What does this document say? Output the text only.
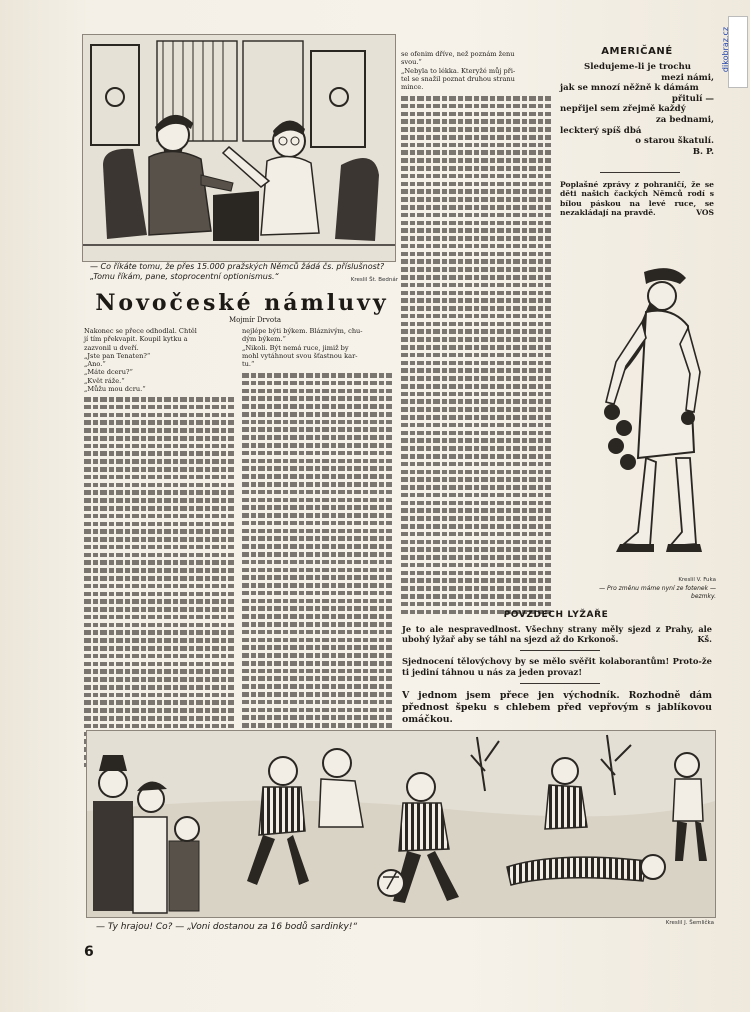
dikobraz.cz
— Co říkáte tomu, že přes 15.000 pražských Němců žádá čs. příslušnost?
„Tomu říkám, pane, stoprocentní optionismus.“	Kreslil Št. Bednár
Novočeské námluvy
Mojmír Drvota
Nakonec se přece odhodlal. Chtěl
jí tím překvapit. Koupil kytku a
zazvonil u dveří.
„Jste pan Tenaten?“
„Ano.“
„Máte dceru?“
„Květ ráže.“
„Můžu mou dcru.“
nejlépe býti býkem. Bláznivým, chu-
dým býkem.“
„Nikoli. Být nemá ruce, jimiž by
mohl vytáhnout svou šťastnou kar-
tu.“
se ofenim dříve, než poznám ženu
svou.“
„Nebyla to lékka. Kteryžé můj při-
tel se snažil poznat druhou stranu
mince.
AMERIČANÉ
Sledujeme-li je trochu
mezi námi,
jak se mnozí něžně k dámám
přitulí —
nepřijel sem zřejmě každý
za bednami,
leckterý spíš dbá
o starou škatulí.
B. P.
Poplašné zprávy z pohraničí, že se děti našich čackých Němců rodí s bílou páskou na levé ruce, se nezakládají na pravdě.	VOS
Kreslil V. Fuka
— Pro změnu máme nyní ze fotenek — bezmky.
POVZDECH LYŽAŘE
Je to ale nespravedlnost. Všechny strany měly sjezd z Prahy, ale ubohý lyžař aby se táhl na sjezd až do Krkonoš.	Kš.
Sjednocení tělovýchovy by se mělo svěřit kolaborantům! Proto-že ti jediní táhnou u nás za jeden provaz!
V jednom jsem přece jen východník. Rozhodně dám přednost špeku s chlebem před vepřovým s jablíkovou omáčkou.
— Ty hrajou! Co? — „Voni dostanou za 16 bodů sardinky!“	Kreslil J. Šemlička
6
